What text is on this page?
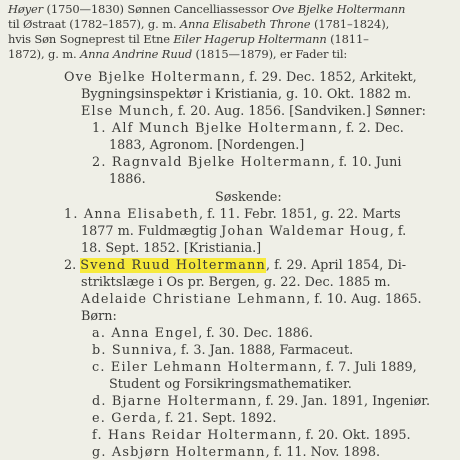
Høyer (1750—1830) Sønnen Cancelliassessor Ove Bjelke Holtermann
til Østraat (1782–1857), g. m. Anna Elisabeth Throne (1781–1824),
hvis Søn Sogneprest til Etne Eiler Hagerup Holtermann (1811–
1872), g. m. Anna Andrine Ruud (1815—1879), er Fader til:
Ove Bjelke Holtermann, f. 29. Dec. 1852, Arkitekt,
Bygningsinspektør i Kristiania, g. 10. Okt. 1882 m.
Else Munch, f. 20. Aug. 1856. [Sandviken.] Sønner:
1. Alf Munch Bjelke Holtermann, f. 2. Dec.
1883, Agronom. [Nordengen.]
2. Ragnvald Bjelke Holtermann, f. 10. Juni
1886.
Søskende:
1. Anna Elisabeth, f. 11. Febr. 1851, g. 22. Marts
1877 m. Fuldmægtig Johan Waldemar Houg, f.
18. Sept. 1852. [Kristiania.]
2. Svend Ruud Holtermann, f. 29. April 1854, Di-
striktslæge i Os pr. Bergen, g. 22. Dec. 1885 m.
Adelaide Christiane Lehmann, f. 10. Aug. 1865.
Børn:
a. Anna Engel, f. 30. Dec. 1886.
b. Sunniva, f. 3. Jan. 1888, Farmaceut.
c. Eiler Lehmann Holtermann, f. 7. Juli 1889,
Student og Forsikringsmathematiker.
d. Bjarne Holtermann, f. 29. Jan. 1891, Ingeniør.
e. Gerda, f. 21. Sept. 1892.
f. Hans Reidar Holtermann, f. 20. Okt. 1895.
g. Asbjørn Holtermann, f. 11. Nov. 1898.
